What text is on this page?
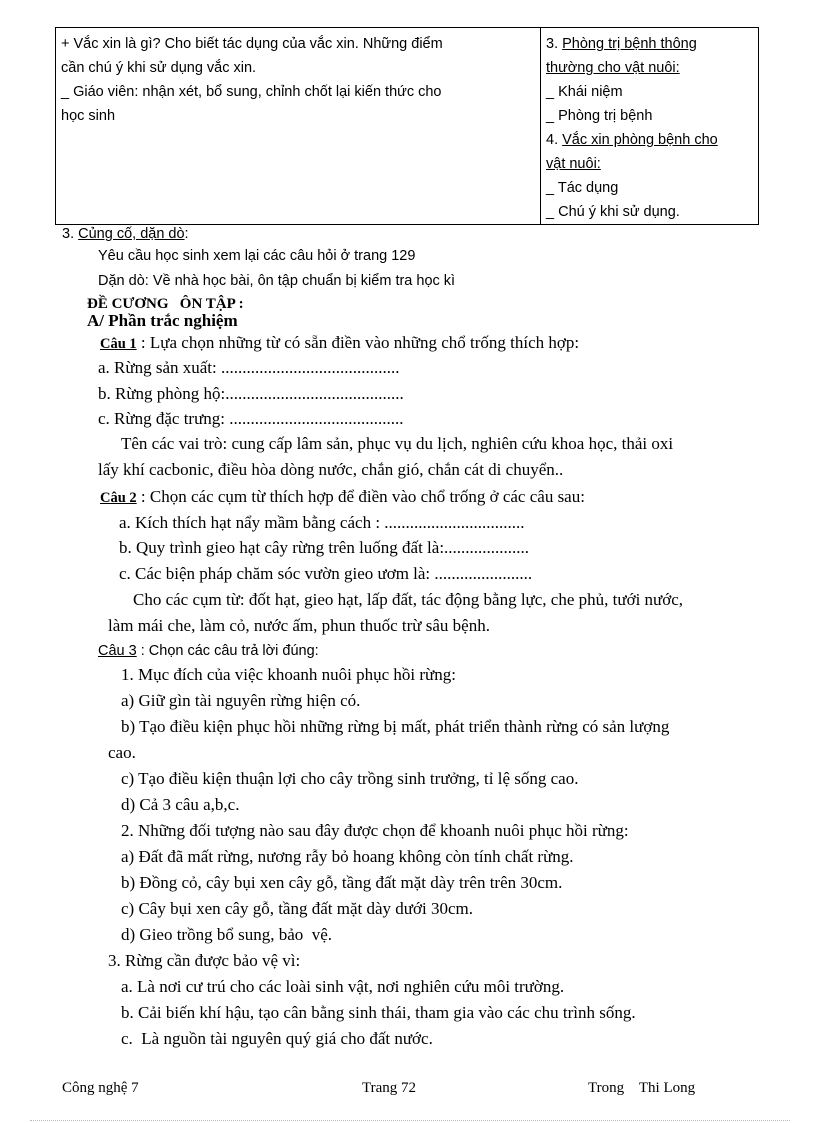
+ Vắc xin là gì? Cho biết tác dụng của vắc xin. Những điểm
cần chú ý khi sử dụng vắc xin.
_ Giáo viên: nhận xét, bổ sung, chỉnh chốt lại kiến thức cho
học sinh

3. Phòng trị bệnh thông
thường cho vật nuôi:
_ Khái niệm
_ Phòng trị bệnh
4. Vắc xin phòng bệnh cho
vật nuôi:
_ Tác dụng
_ Chú ý khi sử dụng.
3. Củng cố, dặn dò:
Yêu cầu học sinh xem lại các câu hỏi ở trang 129
Dặn dò: Về nhà học bài, ôn tập chuẩn bị kiểm tra học kì
ĐỀ CƯƠNG   ÔN TẬP :
A/ Phần trắc nghiệm
Câu 1 : Lựa chọn những từ có sẵn điền vào những chổ trống thích hợp:
a. Rừng sản xuất: ..........................................
b. Rừng phòng hộ:..........................................
c. Rừng đặc trưng: .........................................
Tên các vai trò: cung cấp lâm sản, phục vụ du lịch, nghiên cứu khoa học, thải oxi
lấy khí cacbonic, điều hòa dòng nước, chắn gió, chắn cát di chuyển..
Câu 2 : Chọn các cụm từ thích hợp để điền vào chổ trống ở các câu sau:
a. Kích thích hạt nẩy mầm bằng cách : .................................
b. Quy trình gieo hạt cây rừng trên luống đất là:....................
c. Các biện pháp chăm sóc vườn gieo ươm là: .......................
Cho các cụm từ: đốt hạt, gieo hạt, lấp đất, tác động bằng lực, che phủ, tưới nước,
làm mái che, làm cỏ, nước ấm, phun thuốc trừ sâu bệnh.
Câu 3 : Chọn các câu trả lời đúng:
1. Mục đích của việc khoanh nuôi phục hồi rừng:
a) Giữ gìn tài nguyên rừng hiện có.
b) Tạo điều kiện phục hồi những rừng bị mất, phát triển thành rừng có sản lượng
cao.
c) Tạo điều kiện thuận lợi cho cây trồng sinh trưởng, tỉ lệ sống cao.
d) Cả 3 câu a,b,c.
2. Những đối tượng nào sau đây được chọn để khoanh nuôi phục hồi rừng:
a) Đất đã mất rừng, nương rẫy bỏ hoang không còn tính chất rừng.
b) Đồng cỏ, cây bụi xen cây gỗ, tầng đất mặt dày trên trên 30cm.
c) Cây bụi xen cây gỗ, tầng đất mặt dày dưới 30cm.
d) Gieo trồng bổ sung, bảo  vệ.
3. Rừng cần được bảo vệ vì:
a. Là nơi cư trú cho các loài sinh vật, nơi nghiên cứu môi trường.
b. Cải biến khí hậu, tạo cân bằng sinh thái, tham gia vào các chu trình sống.
c.  Là nguồn tài nguyên quý giá cho đất nước.
Công nghệ 7	Trang 72	Trong    Thi Long
